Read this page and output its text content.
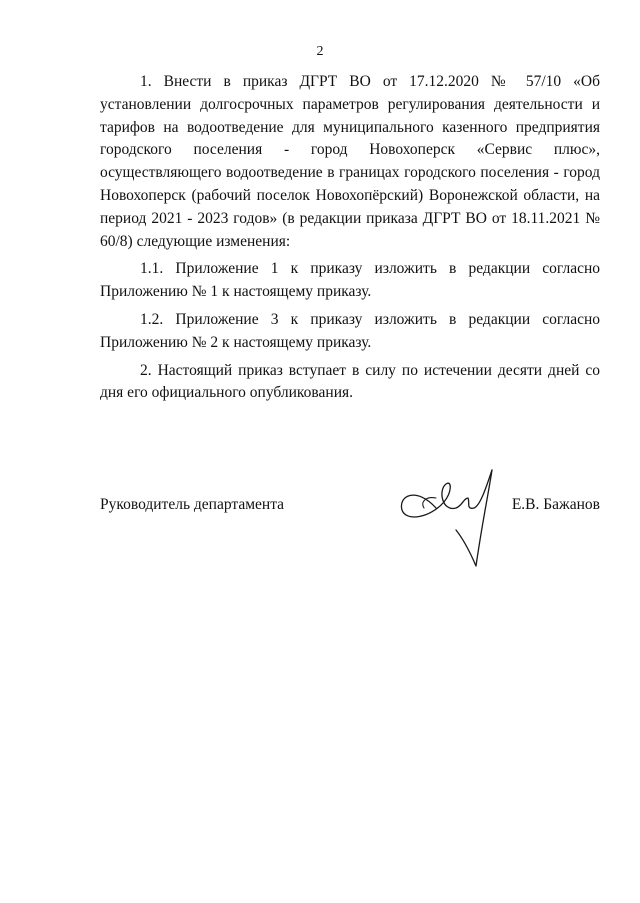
2

1. Внести в приказ ДГРТ ВО от 17.12.2020 № 57/10 «Об установлении долгосрочных параметров регулирования деятельности и тарифов на водоотведение для муниципального казенного предприятия городского поселения - город Новохоперск «Сервис плюс», осуществляющего водоотведение в границах городского поселения - город Новохоперск (рабочий поселок Новохопёрский) Воронежской области, на период 2021 - 2023 годов» (в редакции приказа ДГРТ ВО от 18.11.2021 № 60/8) следующие изменения:

1.1. Приложение 1 к приказу изложить в редакции согласно Приложению № 1 к настоящему приказу.

1.2. Приложение 3 к приказу изложить в редакции согласно Приложению № 2 к настоящему приказу.

2. Настоящий приказ вступает в силу по истечении десяти дней со дня его официального опубликования.

Руководитель департамента	Е.В. Бажанов
